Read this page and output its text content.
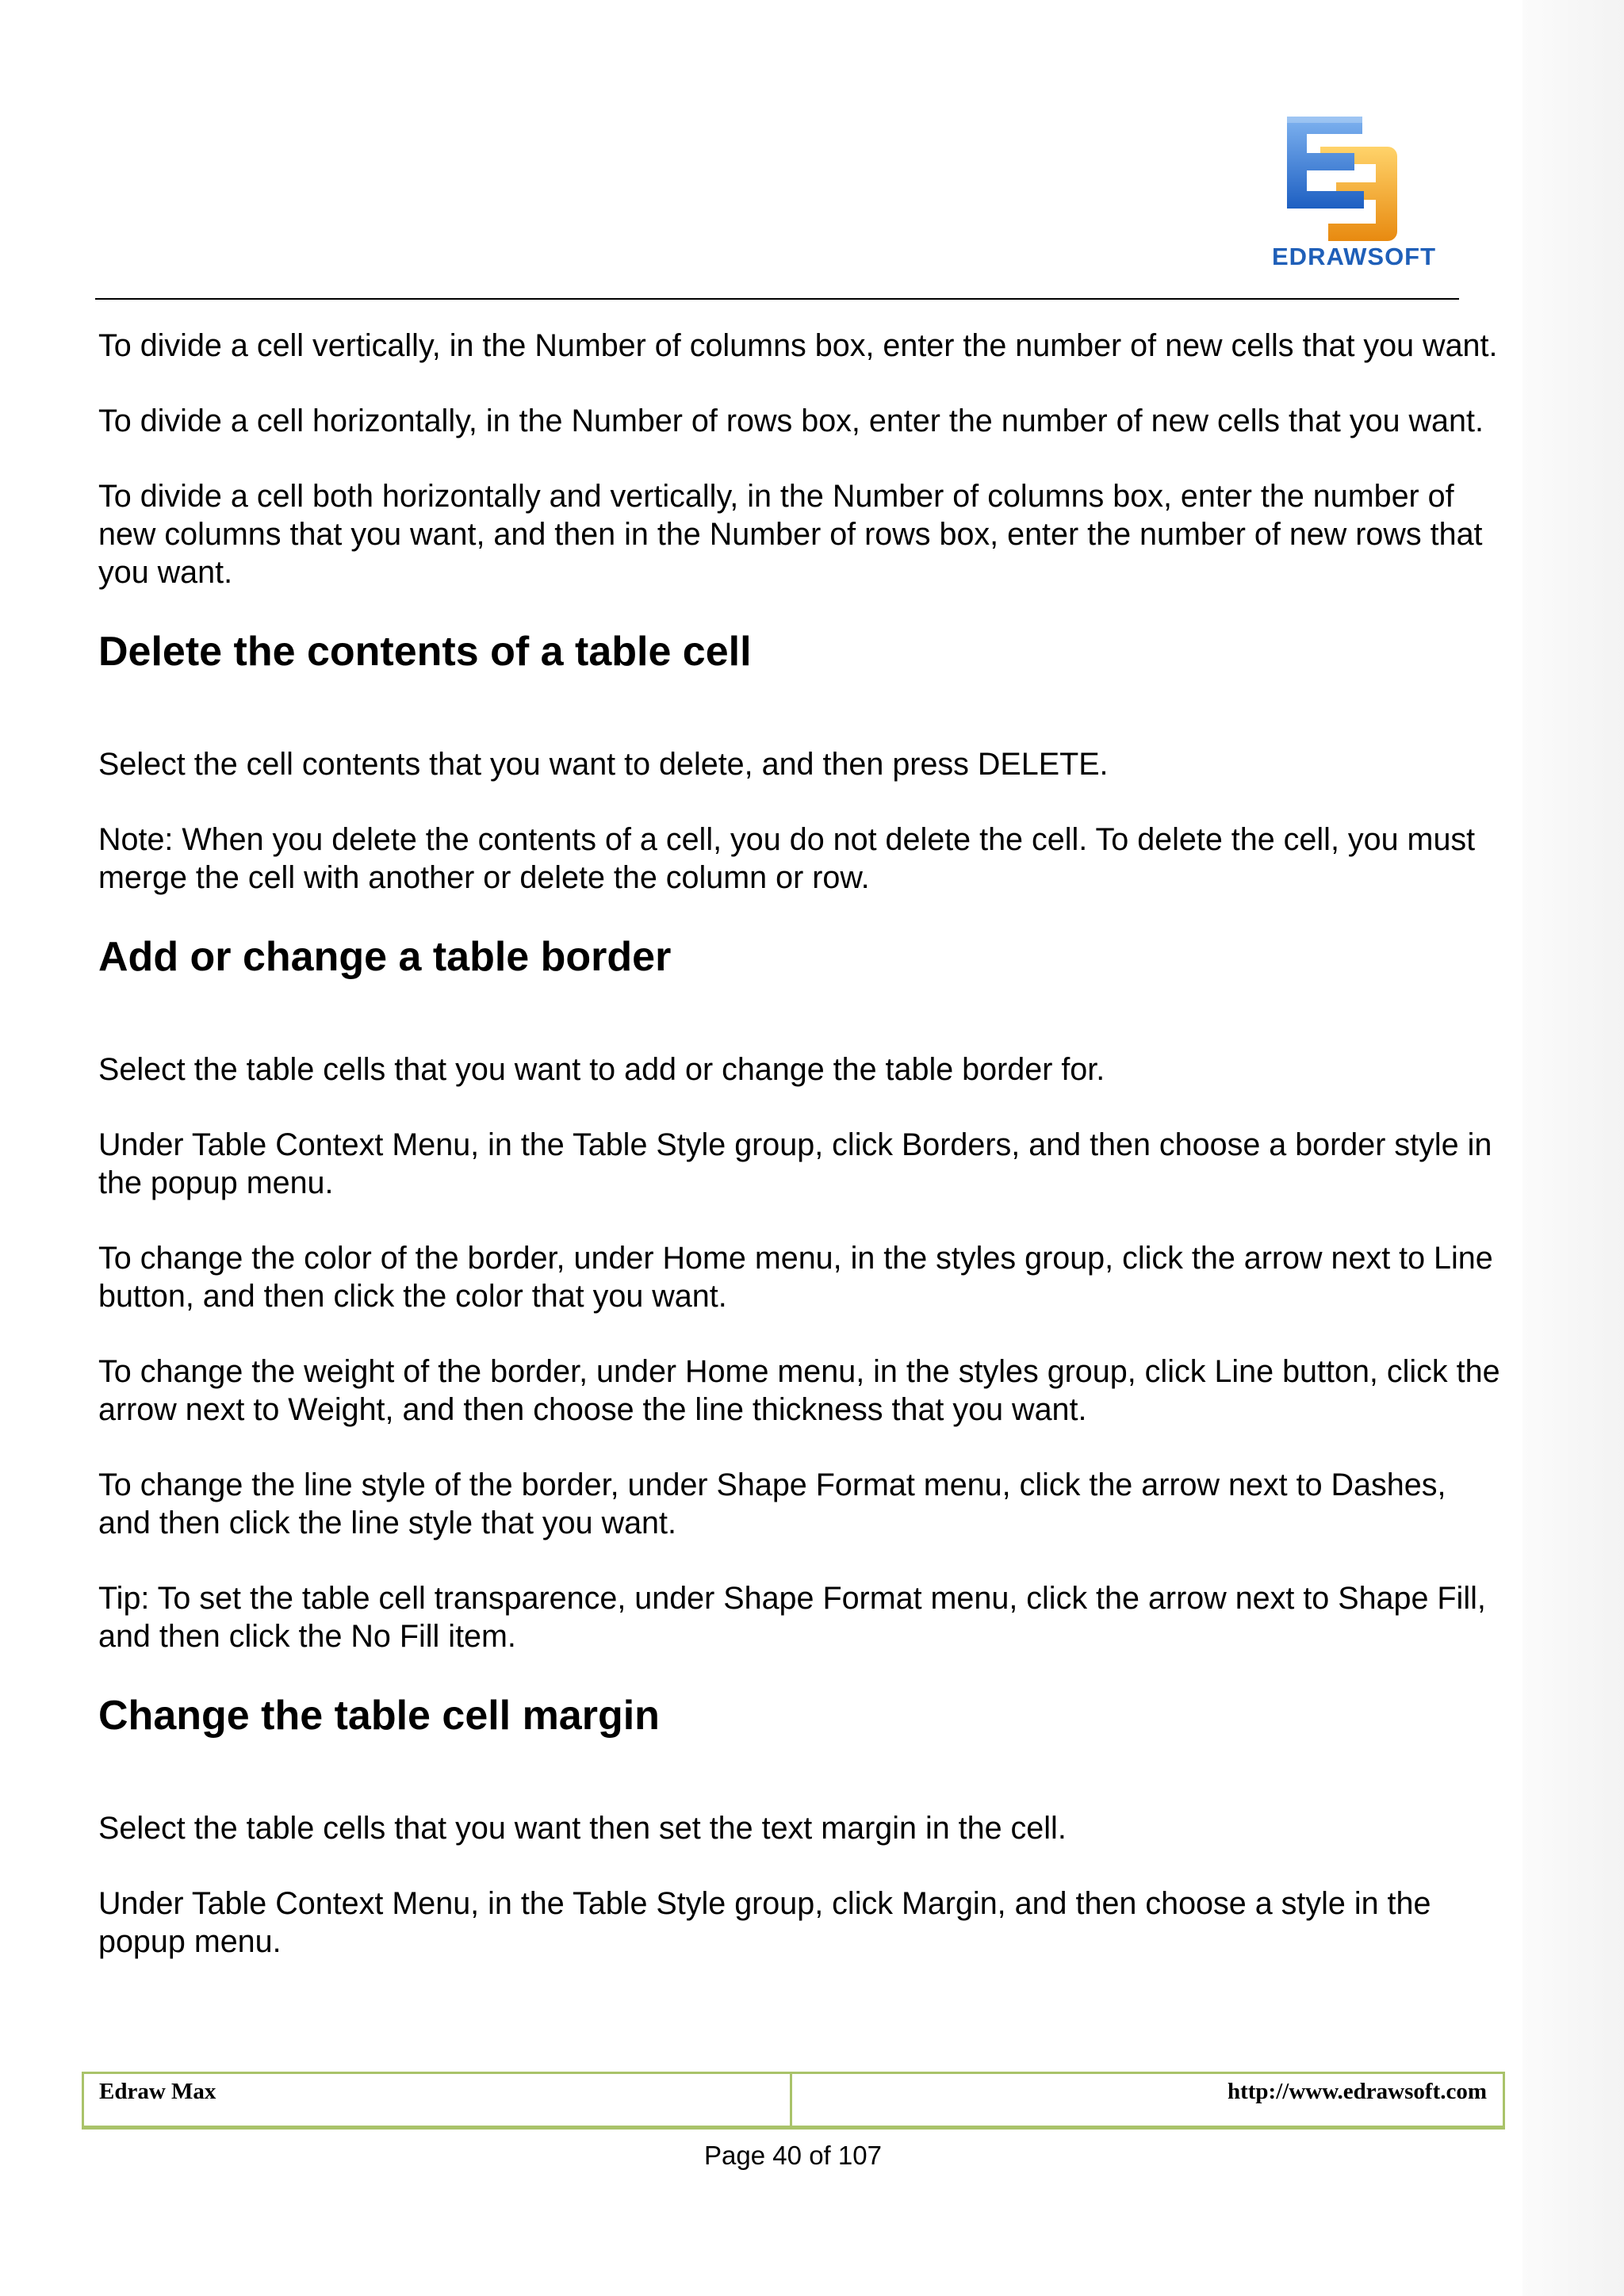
EDRAWSOFT

To divide a cell vertically, in the Number of columns box, enter the number of new cells that you want.

To divide a cell horizontally, in the Number of rows box, enter the number of new cells that you want.

To divide a cell both horizontally and vertically, in the Number of columns box, enter the number of new columns that you want, and then in the Number of rows box, enter the number of new rows that you want.

Delete the contents of a table cell

Select the cell contents that you want to delete, and then press DELETE.

Note: When you delete the contents of a cell, you do not delete the cell. To delete the cell, you must merge the cell with another or delete the column or row.

Add or change a table border

Select the table cells that you want to add or change the table border for.

Under Table Context Menu, in the Table Style group, click Borders, and then choose a border style in the popup menu.

To change the color of the border, under Home menu, in the styles group, click the arrow next to Line button, and then click the color that you want.

To change the weight of the border, under Home menu, in the styles group, click Line button, click the arrow next to Weight, and then choose the line thickness that you want.

To change the line style of the border, under Shape Format menu, click the arrow next to Dashes, and then click the line style that you want.

Tip: To set the table cell transparence, under Shape Format menu, click the arrow next to Shape Fill, and then click the No Fill item.

Change the table cell margin

Select the table cells that you want then set the text margin in the cell.

Under Table Context Menu, in the Table Style group, click Margin, and then choose a style in the popup menu.

Edraw Max	http://www.edrawsoft.com
Page 40 of 107
